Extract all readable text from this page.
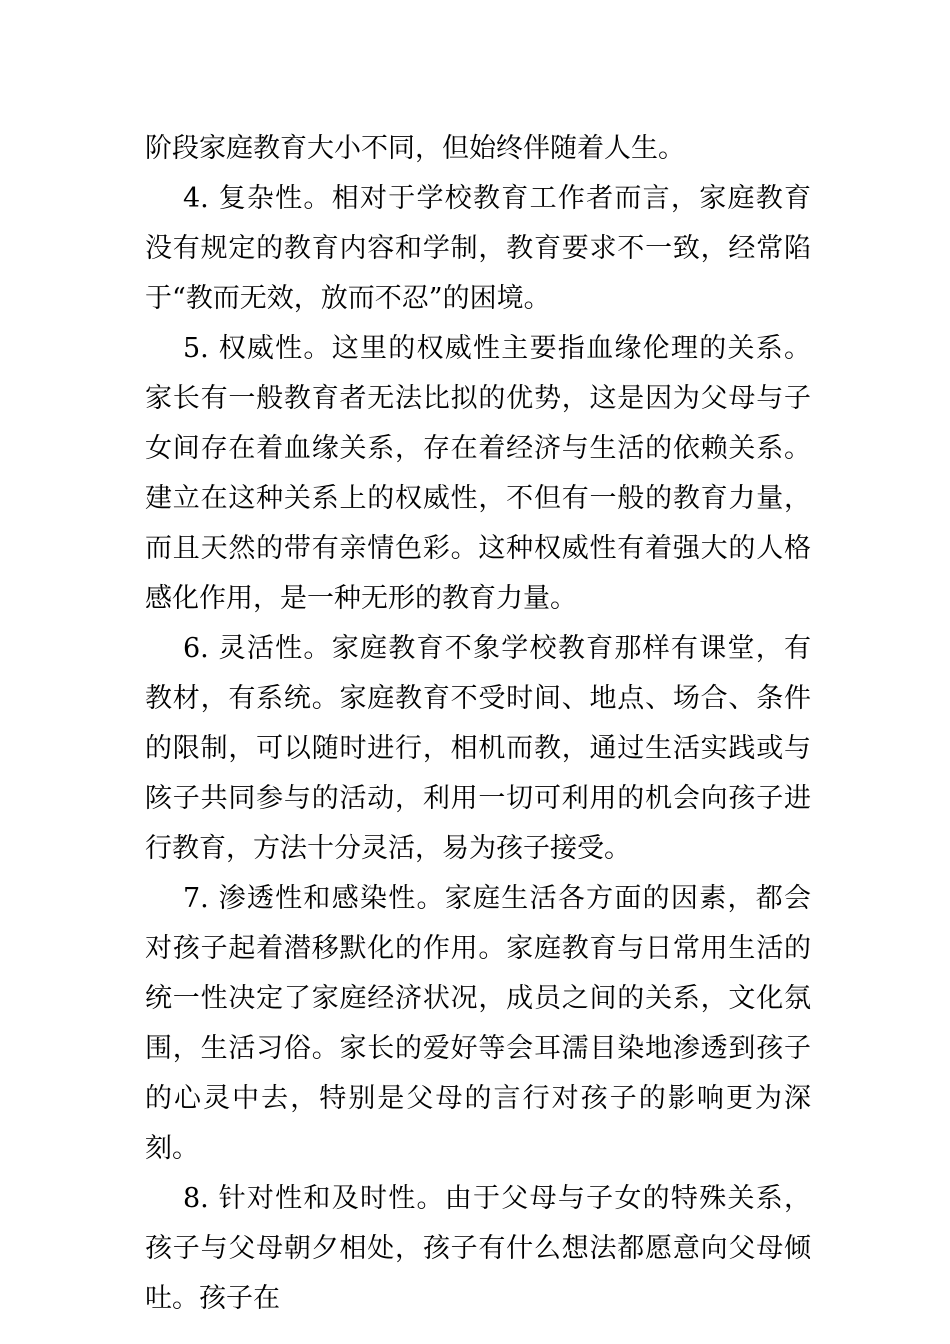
阶段家庭教育大小不同，但始终伴随着人生。

4. 复杂性。相对于学校教育工作者而言，家庭教育没有规定的教育内容和学制，教育要求不一致，经常陷于“教而无效，放而不忍”的困境。

5. 权威性。这里的权威性主要指血缘伦理的关系。家长有一般教育者无法比拟的优势，这是因为父母与子女间存在着血缘关系，存在着经济与生活的依赖关系。建立在这种关系上的权威性，不但有一般的教育力量，而且天然的带有亲情色彩。这种权威性有着强大的人格感化作用，是一种无形的教育力量。

6. 灵活性。家庭教育不象学校教育那样有课堂，有教材，有系统。家庭教育不受时间、地点、场合、条件的限制，可以随时进行，相机而教，通过生活实践或与陔子共同参与的活动，利用一切可利用的机会向孩子进行教育，方法十分灵活，易为孩子接受。

7. 渗透性和感染性。家庭生活各方面的因素，都会对孩子起着潜移默化的作用。家庭教育与日常用生活的统一性决定了家庭经济状况，成员之间的关系，文化氛围，生活习俗。家长的爱好等会耳濡目染地渗透到孩子的心灵中去，特别是父母的言行对孩子的影响更为深刻。

8. 针对性和及时性。由于父母与子女的特殊关系，孩子与父母朝夕相处，孩子有什么想法都愿意向父母倾吐。孩子在
